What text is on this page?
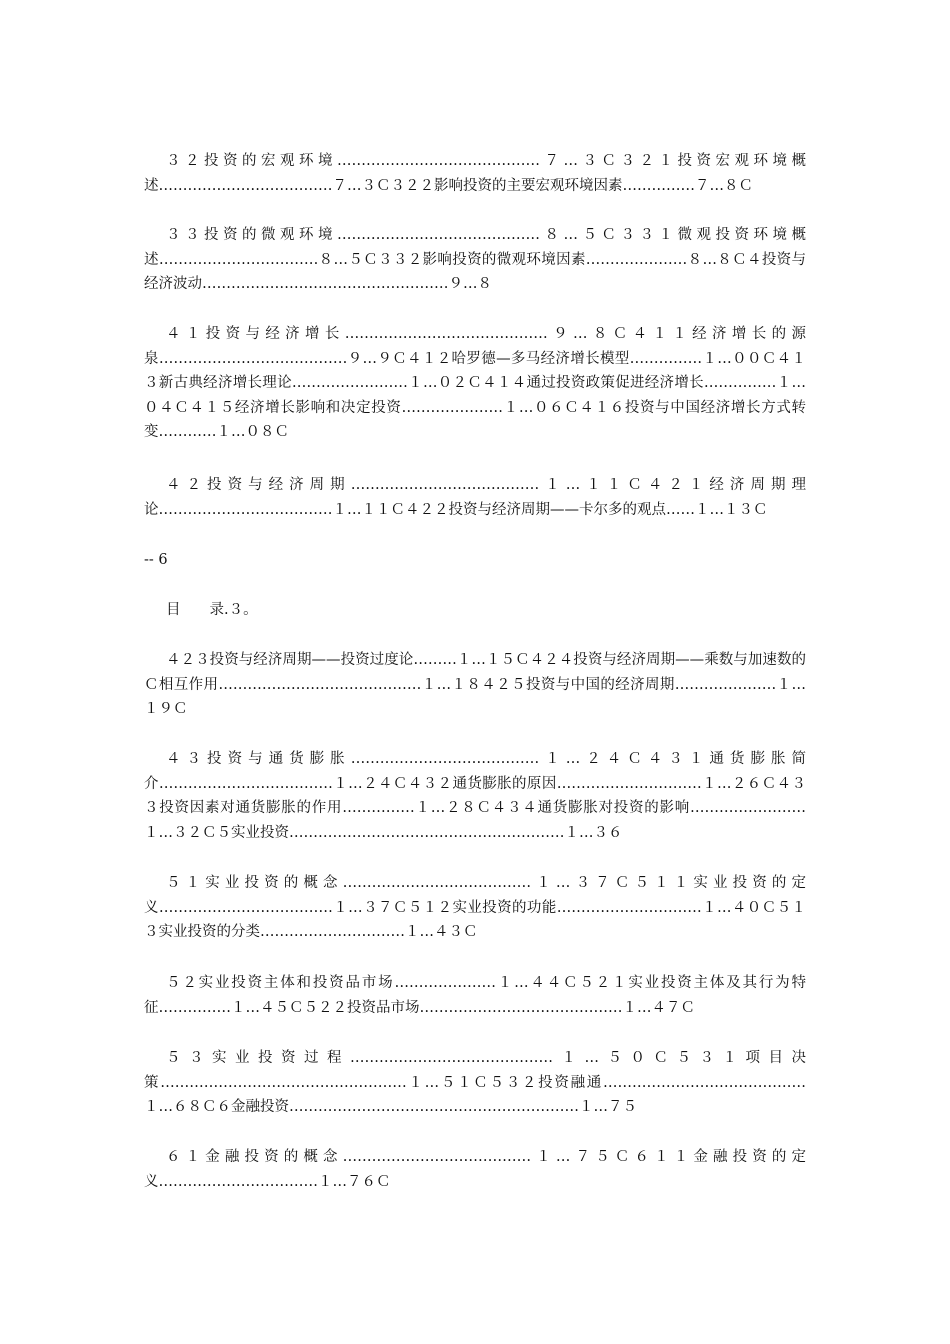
３２投资的宏观环境……………………………………７…３Ｃ３２１投资宏观环境概述………………………………７…３Ｃ３２２影响投资的主要宏观环境因素……………７…８Ｃ
３３投资的微观环境……………………………………８…５Ｃ３３１微观投资环境概述……………………………８…５Ｃ３３２影响投资的微观环境因素…………………８…８Ｃ４投资与经济波动……………………………………………９…８
４１投资与经济增长……………………………………９…８Ｃ４１１经济增长的源泉…………………………………９…９Ｃ４１２哈罗德—多马经济增长模型……………１…００Ｃ４１３新古典经济增长理论……………………１…０２Ｃ４１４通过投资政策促进经济增长……………１…０４Ｃ４１５经济增长影响和决定投资…………………１…０６Ｃ４１６投资与中国经济增长方式转变…………１…０８Ｃ
４２投资与经济周期…………………………………１…１１Ｃ４２１经济周期理论………………………………１…１１Ｃ４２２投资与经济周期——卡尔多的观点……１…１３Ｃ
-- 6
目　　录.３。
４２３投资与经济周期——投资过度论………１…１５Ｃ４２４投资与经济周期——乘数与加速数的Ｃ相互作用……………………………………１…１８４２５投资与中国的经济周期…………………１…１９Ｃ
４３投资与通货膨胀…………………………………１…２４Ｃ４３１通货膨胀简介………………………………１…２４Ｃ４３２通货膨胀的原因…………………………１…２６Ｃ４３３投资因素对通货膨胀的作用……………１…２８Ｃ４３４通货膨胀对投资的影响……………………１…３２Ｃ５实业投资…………………………………………………１…３６
５１实业投资的概念…………………………………１…３７Ｃ５１１实业投资的定义………………………………１…３７Ｃ５１２实业投资的功能…………………………１…４０Ｃ５１３实业投资的分类…………………………１…４３Ｃ
５２实业投资主体和投资品市场…………………１…４４Ｃ５２１实业投资主体及其行为特征……………１…４５Ｃ５２２投资品市场……………………………………１…４７Ｃ
５３实业投资过程……………………………………１…５０Ｃ５３１项目决策……………………………………………１…５１Ｃ５３２投资融通……………………………………１…６８Ｃ６金融投资……………………………………………………１…７５
６１金融投资的概念…………………………………１…７５Ｃ６１１金融投资的定义……………………………１…７６Ｃ
